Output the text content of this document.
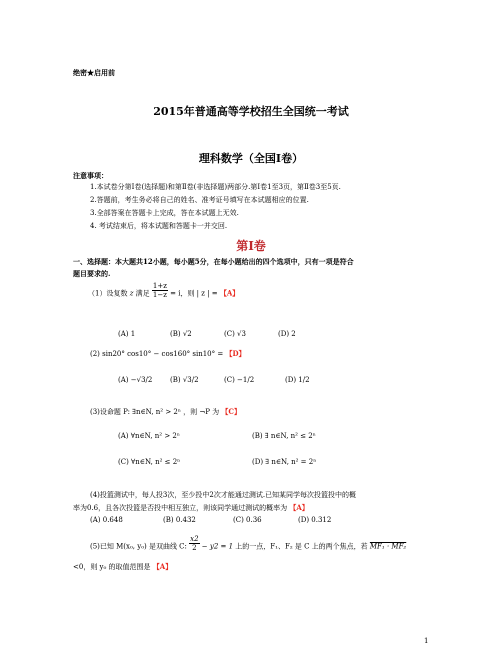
绝密★启用前
2015年普通高等学校招生全国统一考试
理科数学（全国Ⅰ卷）
注意事项：
1.本试卷分第Ⅰ卷(选择题)和第Ⅱ卷(非选择题)两部分.第Ⅰ卷1至3页，第Ⅱ卷3至5页.
2.答题前，考生务必将自己的姓名、准考证号填写在本试题相应的位置.
3.全部答案在答题卡上完成，答在本试题上无效.
4. 考试结束后，将本试题和答题卡一并交回.
第Ⅰ卷
一、选择题：本大题共12小题，每小题5分，在每小题给出的四个选项中，只有一项是符合
题目要求的.
（1）设复数 z 满足 $\frac{1+z}{1-z} = i$，则 | z | = 【A】
(A) 1	(B) √2	(C) √3	(D) 2
(2) sin20° cos10° − cos160° sin10° = 【D】
(A) −√3/2	(B) √3/2	(C) −1/2	(D) 1/2
(3)设命题 P: ∃n∈N, n² > 2ⁿ ，则 ¬P 为 【C】
(A) ∀n∈N, n² > 2ⁿ	(B) ∃ n∈N, n² ≤ 2ⁿ
(C) ∀n∈N, n² ≤ 2ⁿ	(D) ∃ n∈N, n² = 2ⁿ
(4)投篮测试中，每人投3次，至少投中2次才能通过测试.已知某同学每次投篮投中的概
率为0.6，且各次投篮是否投中相互独立，则该同学通过测试的概率为 【A】
(A) 0.648	(B) 0.432	(C) 0.36	(D) 0.312
(5)已知 M(x₀, y₀) 是双曲线 C: $\frac{x2}{2} - y2 = 1$ 上的一点，F₁、F₂ 是 C 上的两个焦点，若 MF₁ · MF₂
<0，则 y₀ 的取值范围是 【A】
1
